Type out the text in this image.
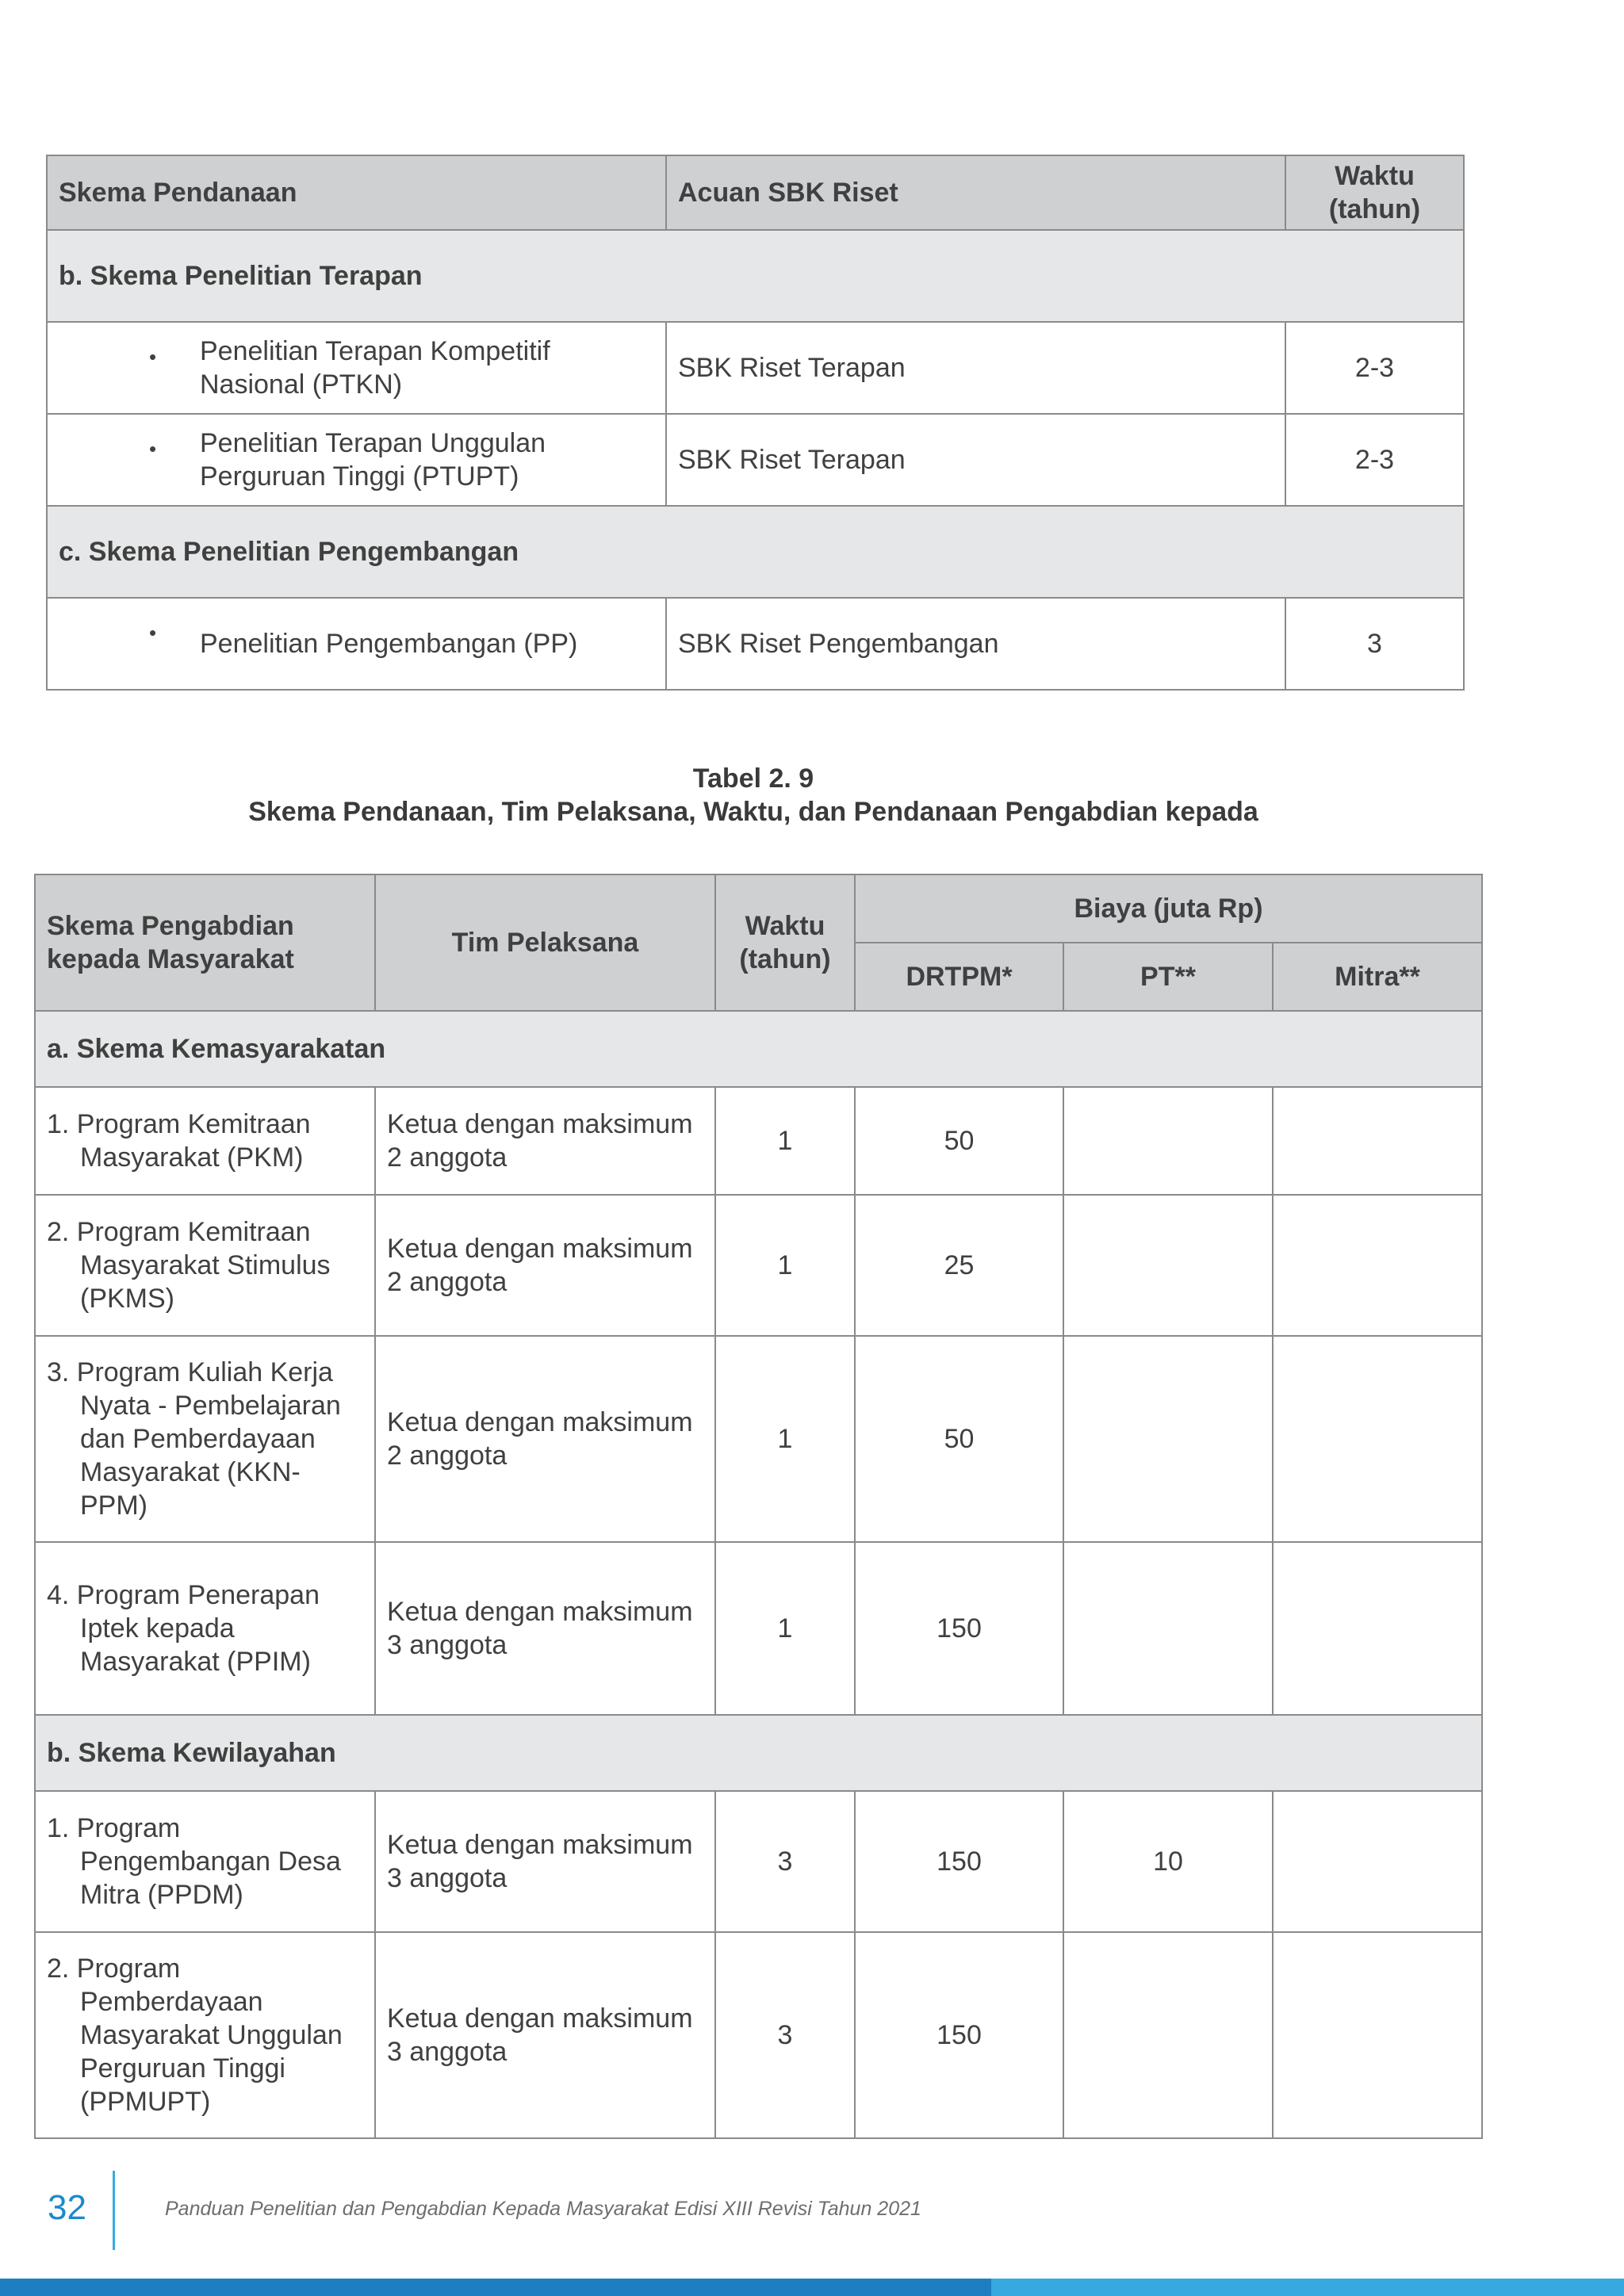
Skema Pendanaan	Acuan SBK Riset	Waktu (tahun)
b. Skema Penelitian Terapan		

• Penelitian Terapan Kompetitif Nasional (PTKN)	SBK Riset Terapan	2-3

• Penelitian Terapan Unggulan Perguruan Tinggi (PTUPT)	SBK Riset Terapan	2-3
c. Skema Penelitian Pengembangan		

• Penelitian Pengembangan (PP)	SBK Riset Pengembangan	3
Tabel 2. 9
Skema Pendanaan, Tim Pelaksana, Waktu, dan Pendanaan Pengabdian kepada
Skema Pengabdian kepada Masyarakat	Tim Pelaksana	Waktu (tahun)	Biaya (juta Rp)		
			DRTPM*	PT**	Mitra**
a. Skema Kemasyarakatan					

1. Program Kemitraan Masyarakat (PKM)	Ketua dengan maksimum 2 anggota	1	50		

2. Program Kemitraan Masyarakat Stimulus (PKMS)	Ketua dengan maksimum 2 anggota	1	25		

3. Program Kuliah Kerja Nyata - Pembelajaran dan Pemberdayaan Masyarakat (KKN-PPM)	Ketua dengan maksimum 2 anggota	1	50		

4. Program Penerapan Iptek kepada Masyarakat (PPIM)	Ketua dengan maksimum 3 anggota	1	150		
b. Skema Kewilayahan					

1. Program Pengembangan Desa Mitra (PPDM)	Ketua dengan maksimum 3 anggota	3	150	10	

2. Program Pemberdayaan Masyarakat Unggulan Perguruan Tinggi (PPMUPT)	Ketua dengan maksimum 3 anggota	3	150		
32	Panduan Penelitian dan Pengabdian Kepada Masyarakat Edisi XIII Revisi Tahun 2021
